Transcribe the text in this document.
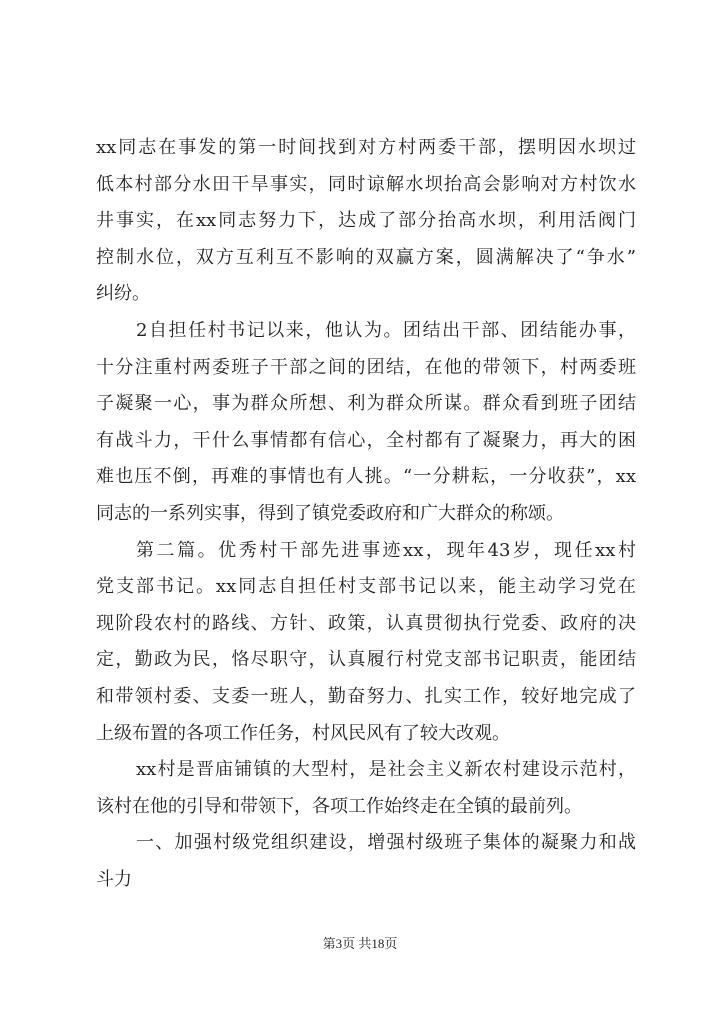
xx同志在事发的第一时间找到对方村两委干部，摆明因水坝过
低本村部分水田干旱事实，同时谅解水坝抬高会影响对方村饮水
井事实，在xx同志努力下，达成了部分抬高水坝，利用活阀门
控制水位，双方互利互不影响的双赢方案，圆满解决了“争水”
纠纷。
2自担任村书记以来，他认为。团结出干部、团结能办事，
十分注重村两委班子干部之间的团结，在他的带领下，村两委班
子凝聚一心，事为群众所想、利为群众所谋。群众看到班子团结
有战斗力，干什么事情都有信心，全村都有了凝聚力，再大的困
难也压不倒，再难的事情也有人挑。“一分耕耘，一分收获”，xx
同志的一系列实事，得到了镇党委政府和广大群众的称颂。
第二篇。优秀村干部先进事迹xx，现年43岁，现任xx村
党支部书记。xx同志自担任村支部书记以来，能主动学习党在
现阶段农村的路线、方针、政策，认真贯彻执行党委、政府的决
定，勤政为民，恪尽职守，认真履行村党支部书记职责，能团结
和带领村委、支委一班人，勤奋努力、扎实工作，较好地完成了
上级布置的各项工作任务，村风民风有了较大改观。
xx村是晋庙铺镇的大型村，是社会主义新农村建设示范村，
该村在他的引导和带领下，各项工作始终走在全镇的最前列。
一、加强村级党组织建设，增强村级班子集体的凝聚力和战
斗力
第3页 共18页
